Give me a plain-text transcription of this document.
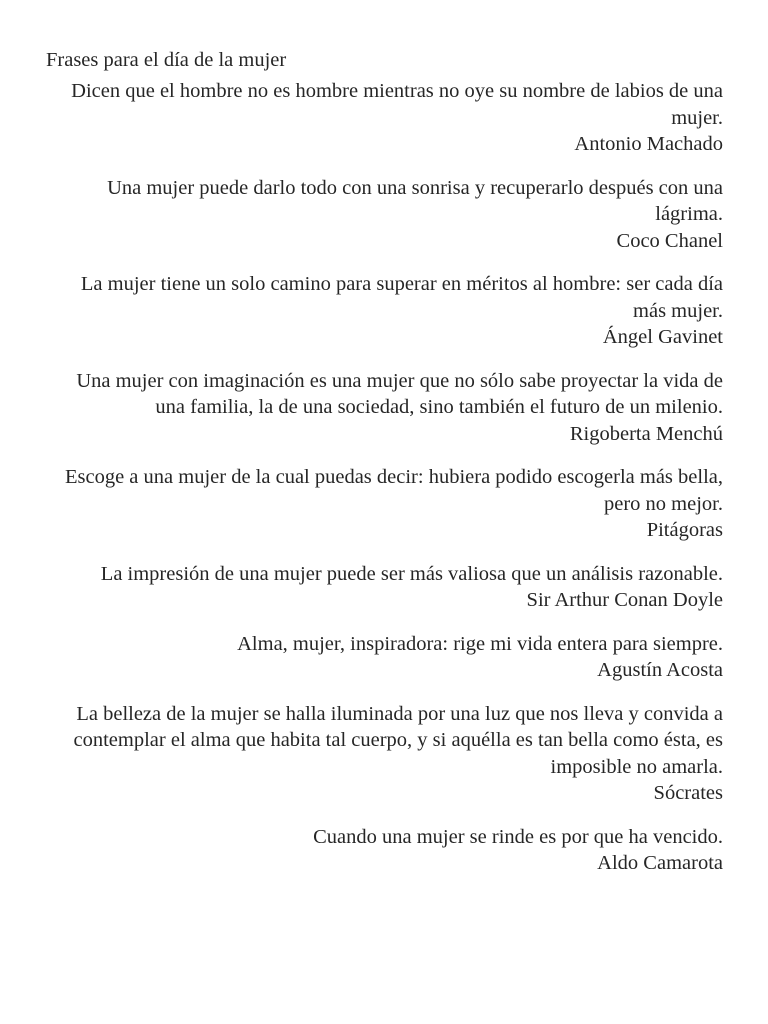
Frases para el día de la mujer

Dicen que el hombre no es hombre mientras no oye su nombre de labios de una mujer.

Antonio Machado

Una mujer puede darlo todo con una sonrisa y recuperarlo después con una lágrima.

Coco Chanel

La mujer tiene un solo camino para superar en méritos al hombre: ser cada día más mujer.

Ángel Gavinet

Una mujer con imaginación es una mujer que no sólo sabe proyectar la vida de una familia, la de una sociedad, sino también el futuro de un milenio.

Rigoberta Menchú

Escoge a una mujer de la cual puedas decir: hubiera podido escogerla más bella, pero no mejor.

Pitágoras

La impresión de una mujer puede ser más valiosa que un análisis razonable.

Sir Arthur Conan Doyle

Alma, mujer, inspiradora: rige mi vida entera para siempre.

Agustín Acosta

La belleza de la mujer se halla iluminada por una luz que nos lleva y convida a contemplar el alma que habita tal cuerpo, y si aquélla es tan bella como ésta, es imposible no amarla.

Sócrates

Cuando una mujer se rinde es por que ha vencido.

Aldo Camarota
